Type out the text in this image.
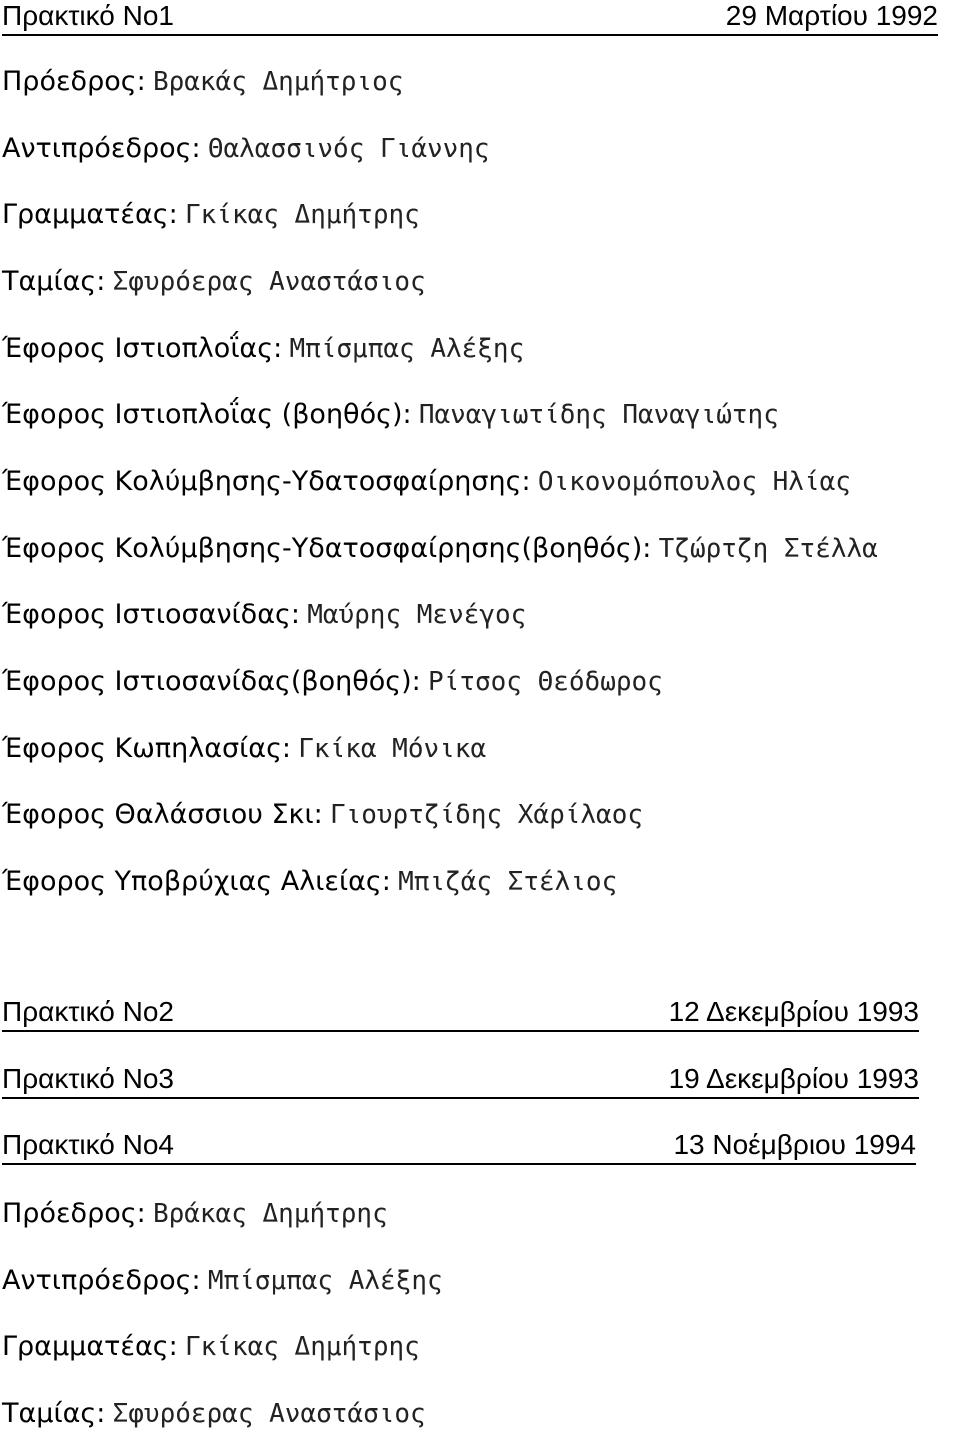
Πρακτικό Νο1	29 Μαρτίου 1992
Πρόεδρος: Βρακάς Δημήτριος
Αντιπρόεδρος: Θαλασσινός Γιάννης
Γραμματέας: Γκίκας Δημήτρης
Ταμίας: Σφυρόερας Αναστάσιος
Έφορος Ιστιοπλοΐας: Μπίσμπας Αλέξης
Έφορος Ιστιοπλοΐας (βοηθός): Παναγιωτίδης Παναγιώτης
Έφορος Κολύμβησης-Υδατοσφαίρησης: Οικονομόπουλος Ηλίας
Έφορος Κολύμβησης-Υδατοσφαίρησης(βοηθός): Τζώρτζη Στέλλα
Έφορος Ιστιοσανίδας: Μαύρης Μενέγος
Έφορος Ιστιοσανίδας(βοηθός): Ρίτσος Θεόδωρος
Έφορος Κωπηλασίας: Γκίκα Μόνικα
Έφορος Θαλάσσιου Σκι: Γιουρτζίδης Χάρίλαος
Έφορος Υποβρύχιας Αλιείας: Μπιζάς Στέλιος
Πρακτικό Νο2	12 Δεκεμβρίου 1993
Πρακτικό Νο3	19 Δεκεμβρίου 1993
Πρακτικό Νο4	13 Νοέμβριου 1994
Πρόεδρος: Βράκας Δημήτρης
Αντιπρόεδρος: Μπίσμπας Αλέξης
Γραμματέας: Γκίκας Δημήτρης
Ταμίας: Σφυρόερας Αναστάσιος
